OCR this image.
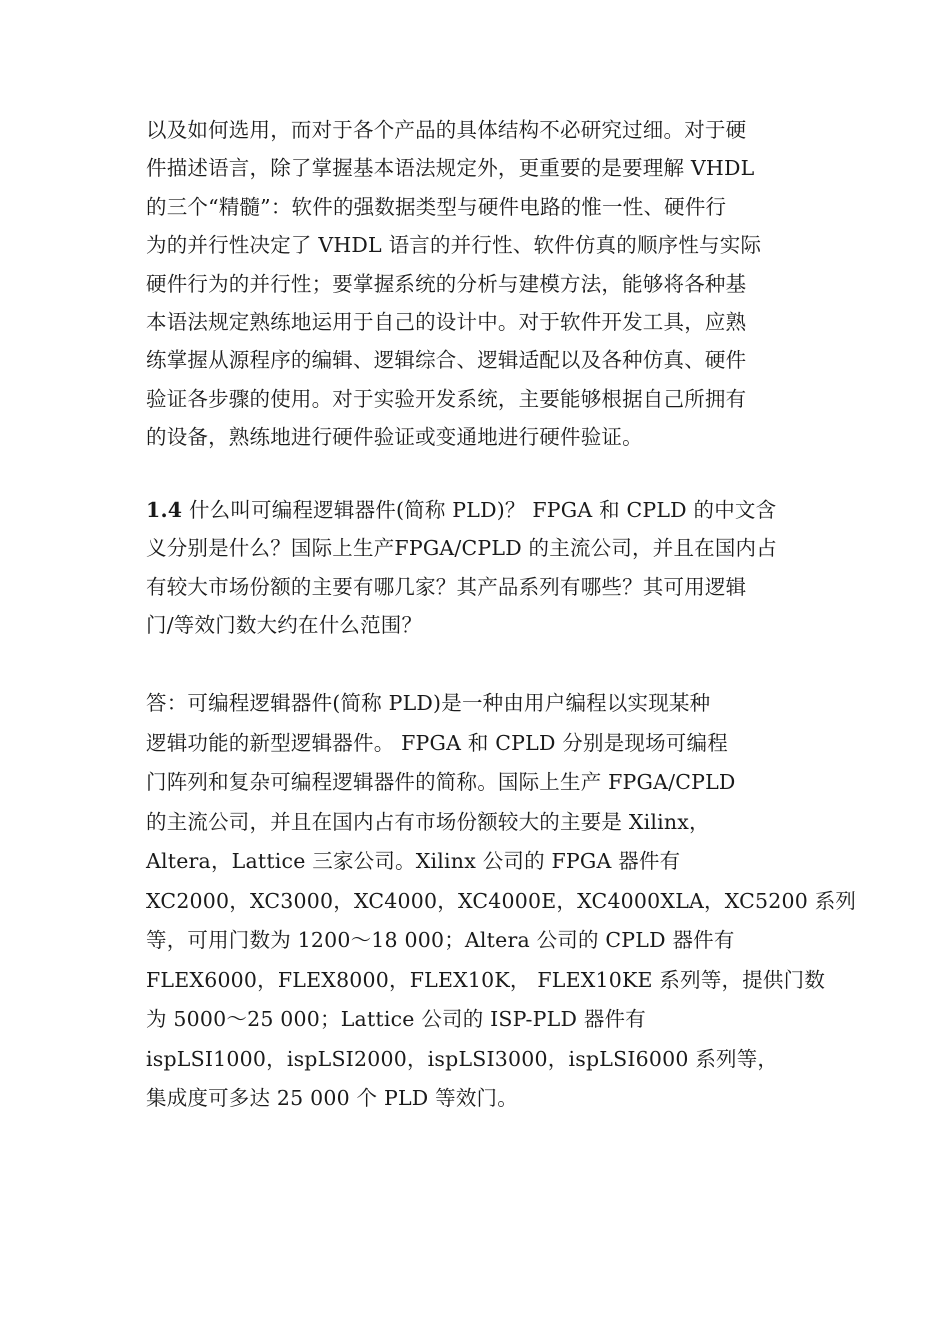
以及如何选用，而对于各个产品的具体结构不必研究过细。对于硬
件描述语言，除了掌握基本语法规定外，更重要的是要理解 VHDL
的三个“精髓”：软件的强数据类型与硬件电路的惟一性、硬件行
为的并行性决定了 VHDL 语言的并行性、软件仿真的顺序性与实际
硬件行为的并行性；要掌握系统的分析与建模方法，能够将各种基
本语法规定熟练地运用于自己的设计中。对于软件开发工具，应熟
练掌握从源程序的编辑、逻辑综合、逻辑适配以及各种仿真、硬件
验证各步骤的使用。对于实验开发系统，主要能够根据自己所拥有
的设备，熟练地进行硬件验证或变通地进行硬件验证。
1.4 什么叫可编程逻辑器件(简称 PLD)？ FPGA 和 CPLD 的中文含
义分别是什么？国际上生产FPGA/CPLD 的主流公司，并且在国内占
有较大市场份额的主要有哪几家？其产品系列有哪些？其可用逻辑
门/等效门数大约在什么范围？
答：可编程逻辑器件(简称 PLD)是一种由用户编程以实现某种
逻辑功能的新型逻辑器件。 FPGA 和 CPLD 分别是现场可编程
门阵列和复杂可编程逻辑器件的简称。国际上生产 FPGA/CPLD
的主流公司，并且在国内占有市场份额较大的主要是 Xilinx，
Altera，Lattice 三家公司。Xilinx 公司的 FPGA 器件有
XC2000，XC3000，XC4000，XC4000E，XC4000XLA，XC5200 系列
等，可用门数为 1200～18 000；Altera 公司的 CPLD 器件有
FLEX6000，FLEX8000，FLEX10K， FLEX10KE 系列等，提供门数
为 5000～25 000；Lattice 公司的 ISP-PLD 器件有
ispLSI1000，ispLSI2000，ispLSI3000，ispLSI6000 系列等，
集成度可多达 25 000 个 PLD 等效门。
